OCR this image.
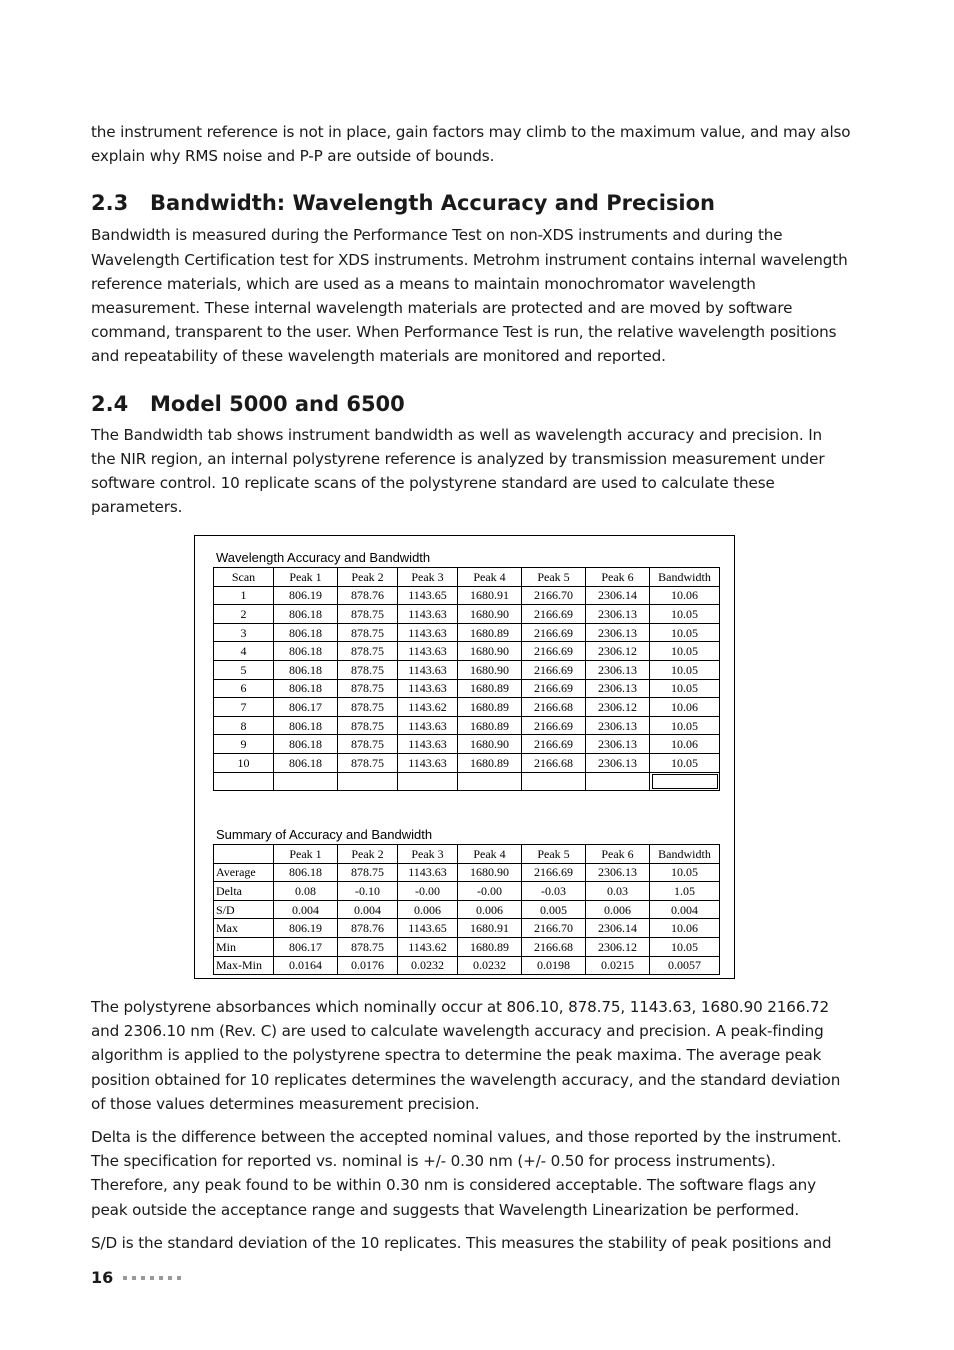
the instrument reference is not in place, gain factors may climb to the maximum value, and may also explain why RMS noise and P-P are outside of bounds.

2.3 Bandwidth: Wavelength Accuracy and Precision

Bandwidth is measured during the Performance Test on non-XDS instruments and during the Wavelength Certification test for XDS instruments. Metrohm instrument contains internal wavelength reference materials, which are used as a means to maintain monochromator wavelength measurement. These internal wavelength materials are protected and are moved by software command, transparent to the user. When Performance Test is run, the relative wavelength positions and repeatability of these wavelength materials are monitored and reported.

2.4 Model 5000 and 6500

The Bandwidth tab shows instrument bandwidth as well as wavelength accuracy and precision. In the NIR region, an internal polystyrene reference is analyzed by transmission measurement under software control. 10 replicate scans of the polystyrene standard are used to calculate these parameters.

Wavelength Accuracy and Bandwidth
Scan	Peak 1	Peak 2	Peak 3	Peak 4	Peak 5	Peak 6	Bandwidth
1	806.19	878.76	1143.65	1680.91	2166.70	2306.14	10.06
2	806.18	878.75	1143.63	1680.90	2166.69	2306.13	10.05
3	806.18	878.75	1143.63	1680.89	2166.69	2306.13	10.05
4	806.18	878.75	1143.63	1680.90	2166.69	2306.12	10.05
5	806.18	878.75	1143.63	1680.90	2166.69	2306.13	10.05
6	806.18	878.75	1143.63	1680.89	2166.69	2306.13	10.05
7	806.17	878.75	1143.62	1680.89	2166.68	2306.12	10.06
8	806.18	878.75	1143.63	1680.89	2166.69	2306.13	10.05
9	806.18	878.75	1143.63	1680.90	2166.69	2306.13	10.06
10	806.18	878.75	1143.63	1680.89	2166.68	2306.13	10.05

Summary of Accuracy and Bandwidth
	Peak 1	Peak 2	Peak 3	Peak 4	Peak 5	Peak 6	Bandwidth
Average	806.18	878.75	1143.63	1680.90	2166.69	2306.13	10.05
Delta	0.08	-0.10	-0.00	-0.00	-0.03	0.03	1.05
S/D	0.004	0.004	0.006	0.006	0.005	0.006	0.004
Max	806.19	878.76	1143.65	1680.91	2166.70	2306.14	10.06
Min	806.17	878.75	1143.62	1680.89	2166.68	2306.12	10.05
Max-Min	0.0164	0.0176	0.0232	0.0232	0.0198	0.0215	0.0057

The polystyrene absorbances which nominally occur at 806.10, 878.75, 1143.63, 1680.90 2166.72 and 2306.10 nm (Rev. C) are used to calculate wavelength accuracy and precision. A peak-finding algorithm is applied to the polystyrene spectra to determine the peak maxima. The average peak position obtained for 10 replicates determines the wavelength accuracy, and the standard deviation of those values determines measurement precision.

Delta is the difference between the accepted nominal values, and those reported by the instrument. The specification for reported vs. nominal is +/- 0.30 nm (+/- 0.50 for process instruments). Therefore, any peak found to be within 0.30 nm is considered acceptable. The software flags any peak outside the acceptance range and suggests that Wavelength Linearization be performed.

S/D is the standard deviation of the 10 replicates. This measures the stability of peak positions and

16
